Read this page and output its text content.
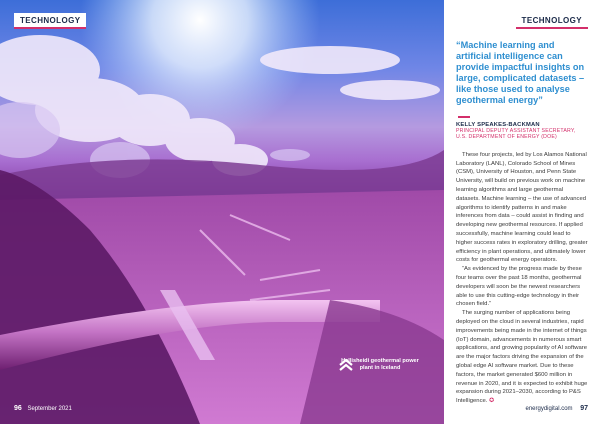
TECHNOLOGY
Hellisheidi geothermal power plant in Iceland
96 September 2021
TECHNOLOGY

“Machine learning and artificial intelligence can provide impactful insights on large, complicated datasets – like those used to analyse geothermal energy”

KELLY SPEAKES-BACKMAN
PRINCIPAL DEPUTY ASSISTANT SECRETARY,
U.S. DEPARTMENT OF ENERGY (DOE)

These four projects, led by Los Alamos National Laboratory (LANL), Colorado School of Mines (CSM), University of Houston, and Penn State University, will build on previous work on machine learning algorithms and large geothermal datasets. Machine learning – the use of advanced algorithms to identify patterns in and make inferences from data – could assist in finding and developing new geothermal resources. If applied successfully, machine learning could lead to higher success rates in exploratory drilling, greater efficiency in plant operations, and ultimately lower costs for geothermal energy operators.

“As evidenced by the progress made by these four teams over the past 18 months, geothermal developers will soon be the newest researchers able to use this cutting-edge technology in their chosen field.”

The surging number of applications being deployed on the cloud in several industries, rapid improvements being made in the internet of things (IoT) domain, advancements in numerous smart applications, and growing popularity of AI software are the major factors driving the expansion of the global edge AI software market. Due to these factors, the market generated $600 million in revenue in 2020, and it is expected to exhibit huge expansion during 2021–2030, according to P&S Intelligence. ✪

energydigital.com 97
